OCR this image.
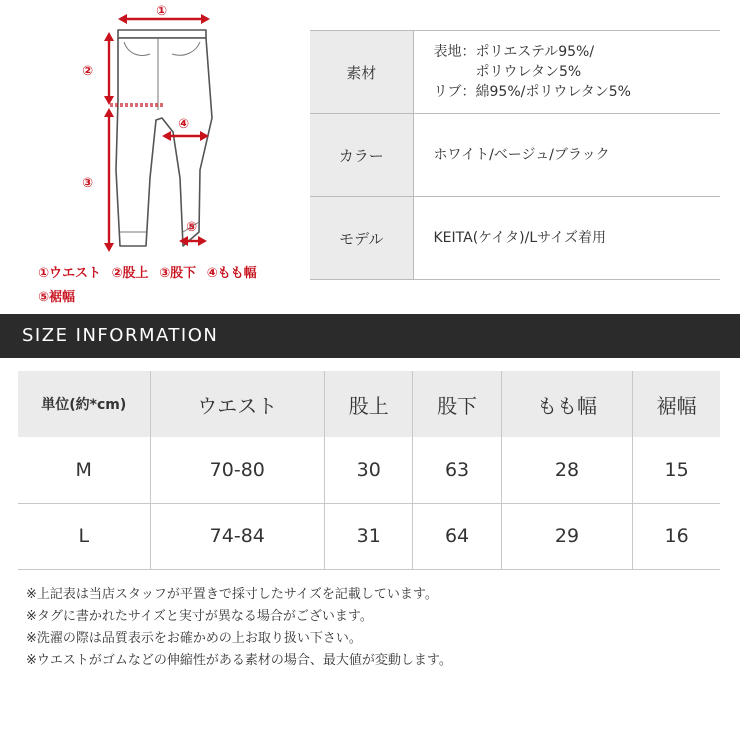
①
②
③
④
⑤
①ウエスト ②股上 ③股下 ④もも幅
⑤裾幅
素材	表地：ポリエステル95%/
　　　ポリウレタン5%
リブ：綿95%/ポリウレタン5%

カラー	ホワイト/ベージュ/ブラック
モデル	KEITA(ケイタ)/Lサイズ着用
SIZE INFORMATION
単位(約*cm)	ウエスト	股上	股下	もも幅	裾幅
M	70-80	30	63	28	15
L	74-84	31	64	29	16
※上記表は当店スタッフが平置きで採寸したサイズを記載しています。
※タグに書かれたサイズと実寸が異なる場合がございます。
※洗濯の際は品質表示をお確かめの上お取り扱い下さい。
※ウエストがゴムなどの伸縮性がある素材の場合、最大値が変動します。
